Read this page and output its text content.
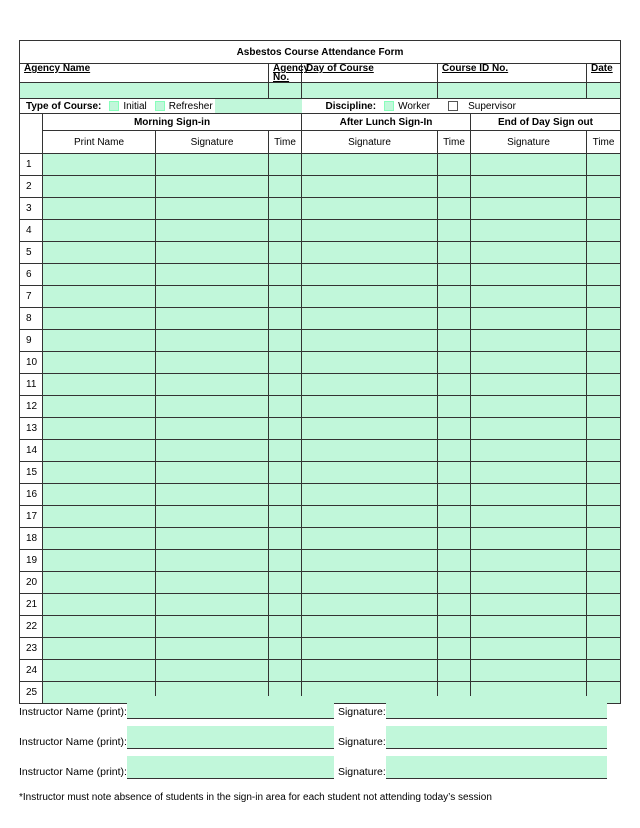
Asbestos Course Attendance Form							
Agency Name			Agency No.	Day of Course	Course ID No.		Date

Type of Course: Initial Refresher				Discipline: Worker Supervisor			

	Morning Sign-in			After Lunch Sign-In		End of Day Sign out	
	Print Name	Signature	Time	Signature	Time	Signature	Time
1							
2							
3							
4							
5							
6							
7							
8							
9							
10							
11							
12							
13							
14							
15							
16							
17							
18							
19							
20							
21							
22							
23							
24							
25							
Instructor Name (print):	Signature:
Instructor Name (print):	Signature:
Instructor Name (print):	Signature:
*Instructor must note absence of students in the sign-in area for each student not attending today’s session
